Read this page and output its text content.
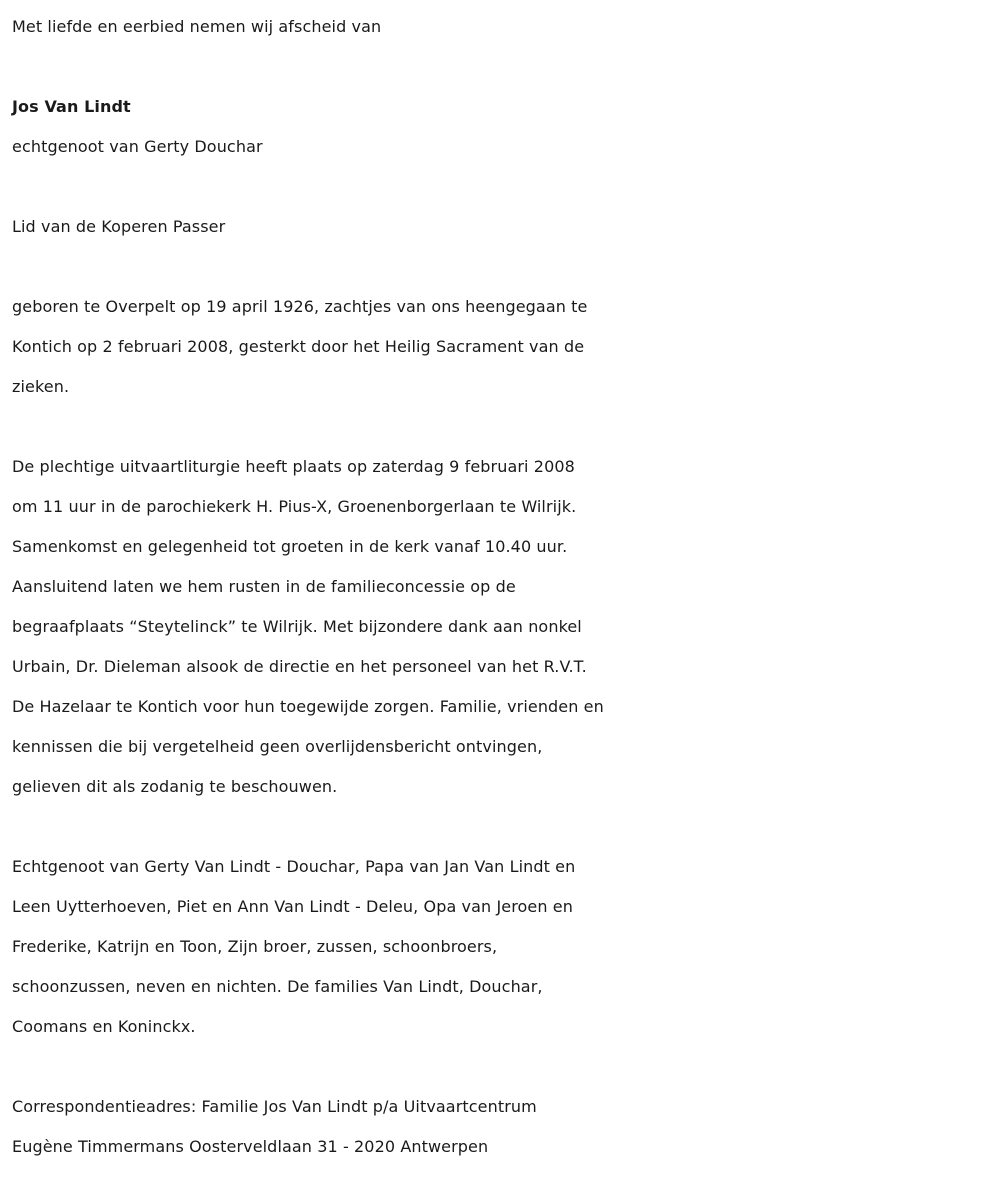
Met liefde en eerbied nemen wij afscheid van
Jos Van Lindt
echtgenoot van Gerty Douchar
Lid van de Koperen Passer
geboren te Overpelt op 19 april 1926, zachtjes van ons heengegaan te
Kontich op 2 februari 2008, gesterkt door het Heilig Sacrament van de
zieken.
De plechtige uitvaartliturgie heeft plaats op zaterdag 9 februari 2008
om 11 uur in de parochiekerk H. Pius-X, Groenenborgerlaan te Wilrijk.
Samenkomst en gelegenheid tot groeten in de kerk vanaf 10.40 uur.
Aansluitend laten we hem rusten in de familieconcessie op de
begraafplaats “Steytelinck” te Wilrijk. Met bijzondere dank aan nonkel
Urbain, Dr. Dieleman alsook de directie en het personeel van het R.V.T.
De Hazelaar te Kontich voor hun toegewijde zorgen. Familie, vrienden en
kennissen die bij vergetelheid geen overlijdensbericht ontvingen,
gelieven dit als zodanig te beschouwen.
Echtgenoot van Gerty Van Lindt - Douchar, Papa van Jan Van Lindt en
Leen Uytterhoeven, Piet en Ann Van Lindt - Deleu, Opa van Jeroen en
Frederike, Katrijn en Toon, Zijn broer, zussen, schoonbroers,
schoonzussen, neven en nichten. De families Van Lindt, Douchar,
Coomans en Koninckx.
Correspondentieadres: Familie Jos Van Lindt p/a Uitvaartcentrum
Eugène Timmermans Oosterveldlaan 31 - 2020 Antwerpen
